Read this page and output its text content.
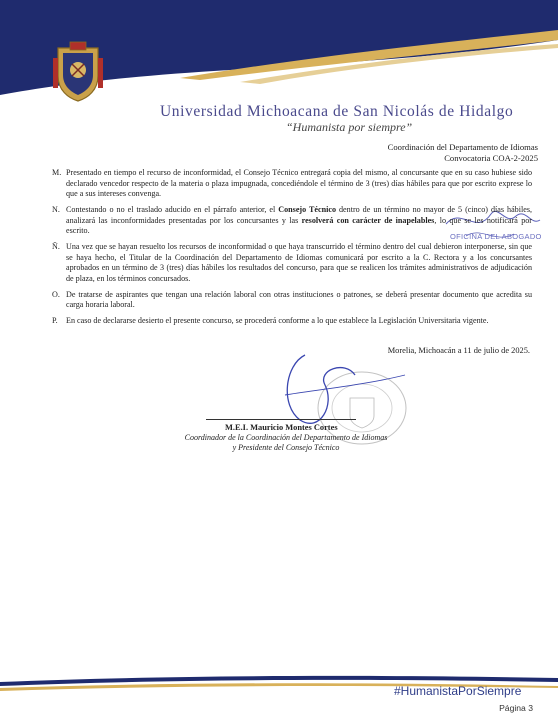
Universidad Michoacana de San Nicolás de Hidalgo
“Humanista por siempre”
Coordinación del Departamento de Idiomas
Convocatoria COA-2-2025
OFICINA DEL ABOGADO
M. Presentado en tiempo el recurso de inconformidad, el Consejo Técnico entregará copia del mismo, al concursante que en su caso hubiese sido declarado vencedor respecto de la materia o plaza impugnada, concediéndole el término de 3 (tres) días hábiles para que por escrito exprese lo que a sus intereses convenga.
N. Contestando o no el traslado aducido en el párrafo anterior, el Consejo Técnico dentro de un término no mayor de 5 (cinco) días hábiles, analizará las inconformidades presentadas por los concursantes y las resolverá con carácter de inapelables, lo que se les notificará por escrito.
Ñ. Una vez que se hayan resuelto los recursos de inconformidad o que haya transcurrido el término dentro del cual debieron interponerse, sin que se haya hecho, el Titular de la Coordinación del Departamento de Idiomas comunicará por escrito a la C. Rectora y a los concursantes aprobados en un término de 3 (tres) días hábiles los resultados del concurso, para que se realicen los trámites administrativos de adjudicación de plaza, en los términos concursados.
O. De tratarse de aspirantes que tengan una relación laboral con otras instituciones o patrones, se deberá presentar documento que acredita su carga horaria laboral.
P.	En caso de declararse desierto el presente concurso, se procederá conforme a lo que establece la Legislación Universitaria vigente.
Morelia, Michoacán a 11 de julio de 2025.
M.E.I. Mauricio Montes Cortes
Coordinador de la Coordinación del Departamento de Idiomas
y Presidente del Consejo Técnico
#HumanistaPorSiempre
Página 3
